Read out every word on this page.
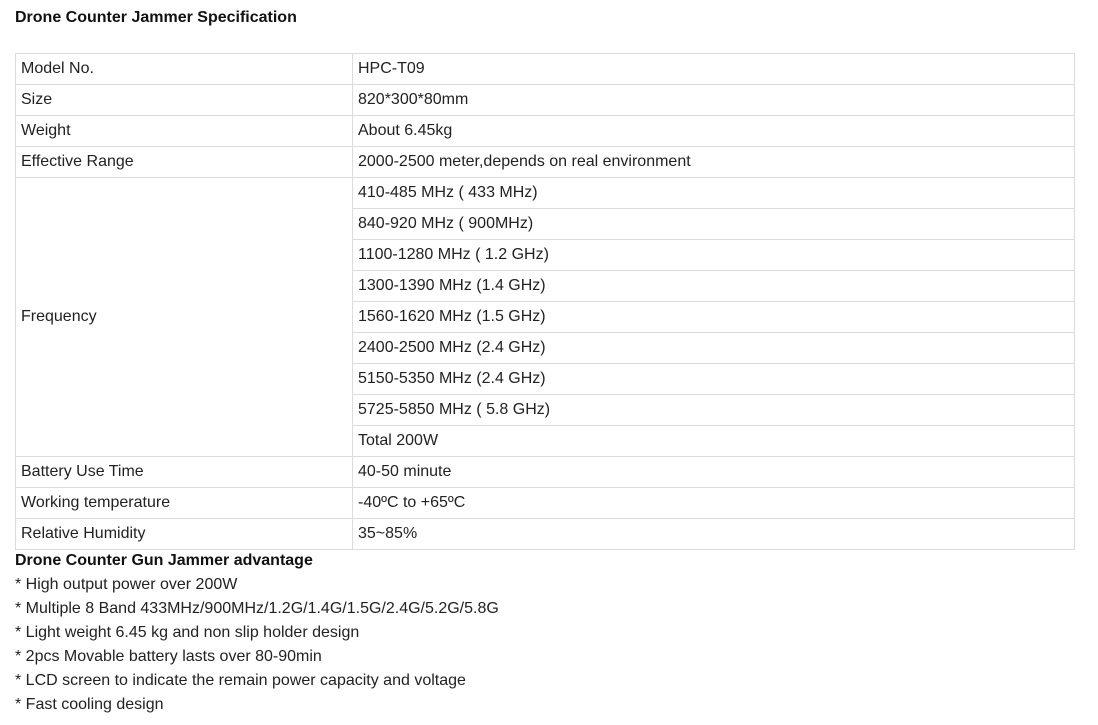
Drone Counter Jammer Specification
Model No.	HPC-T09
Size	820*300*80mm
Weight	About 6.45kg
Effective Range	2000-2500 meter,depends on real environment
Frequency	410-485 MHz ( 433 MHz)
	840-920 MHz ( 900MHz)
	1100-1280 MHz ( 1.2 GHz)
	1300-1390 MHz (1.4 GHz)
	1560-1620 MHz (1.5 GHz)
	2400-2500 MHz (2.4 GHz)
	5150-5350 MHz (2.4 GHz)
	5725-5850 MHz ( 5.8 GHz)
	Total 200W
Battery Use Time	40-50 minute
Working temperature	-40ºC to +65ºC
Relative Humidity	35~85%
Drone Counter Gun Jammer advantage
* High output power over 200W
* Multiple 8 Band 433MHz/900MHz/1.2G/1.4G/1.5G/2.4G/5.2G/5.8G
* Light weight 6.45 kg and non slip holder design
* 2pcs Movable battery lasts over 80-90min
* LCD screen to indicate the remain power capacity and voltage
* Fast cooling design
